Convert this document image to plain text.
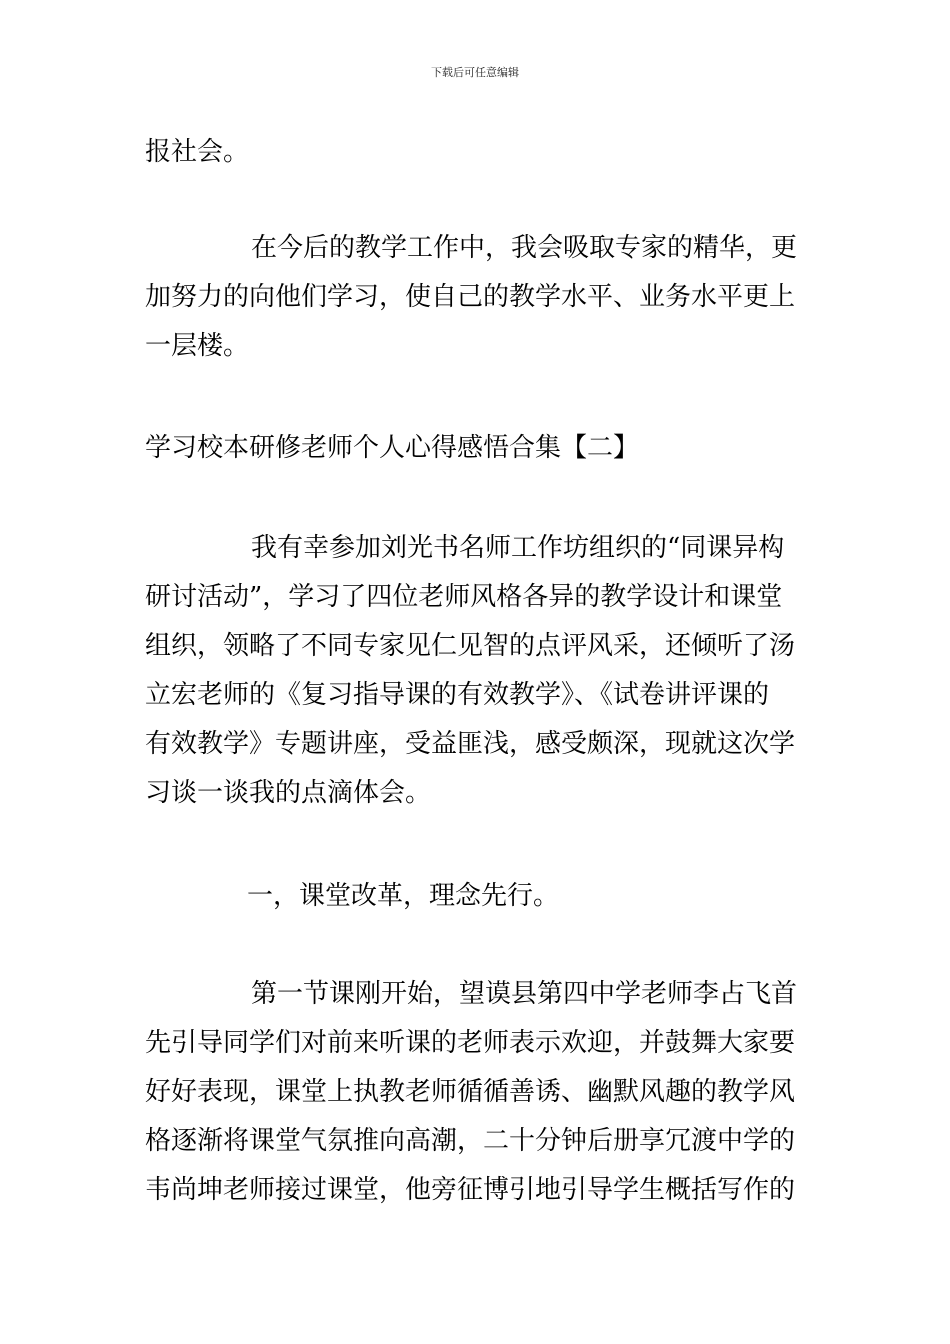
下载后可任意编辑
报社会。
在今后的教学工作中，我会吸取专家的精华，更
加努力的向他们学习，使自己的教学水平、业务水平更上
一层楼。
学习校本研修老师个人心得感悟合集【二】
我有幸参加刘光书名师工作坊组织的“同课异构
研讨活动”，学习了四位老师风格各异的教学设计和课堂
组织，领略了不同专家见仁见智的点评风采，还倾听了汤
立宏老师的《复习指导课的有效教学》、《试卷讲评课的
有效教学》专题讲座，受益匪浅，感受颇深，现就这次学
习谈一谈我的点滴体会。
一，课堂改革，理念先行。
第一节课刚开始，望谟县第四中学老师李占飞首
先引导同学们对前来听课的老师表示欢迎，并鼓舞大家要
好好表现，课堂上执教老师循循善诱、幽默风趣的教学风
格逐渐将课堂气氛推向高潮，二十分钟后册享冗渡中学的
韦尚坤老师接过课堂，他旁征博引地引导学生概括写作的
